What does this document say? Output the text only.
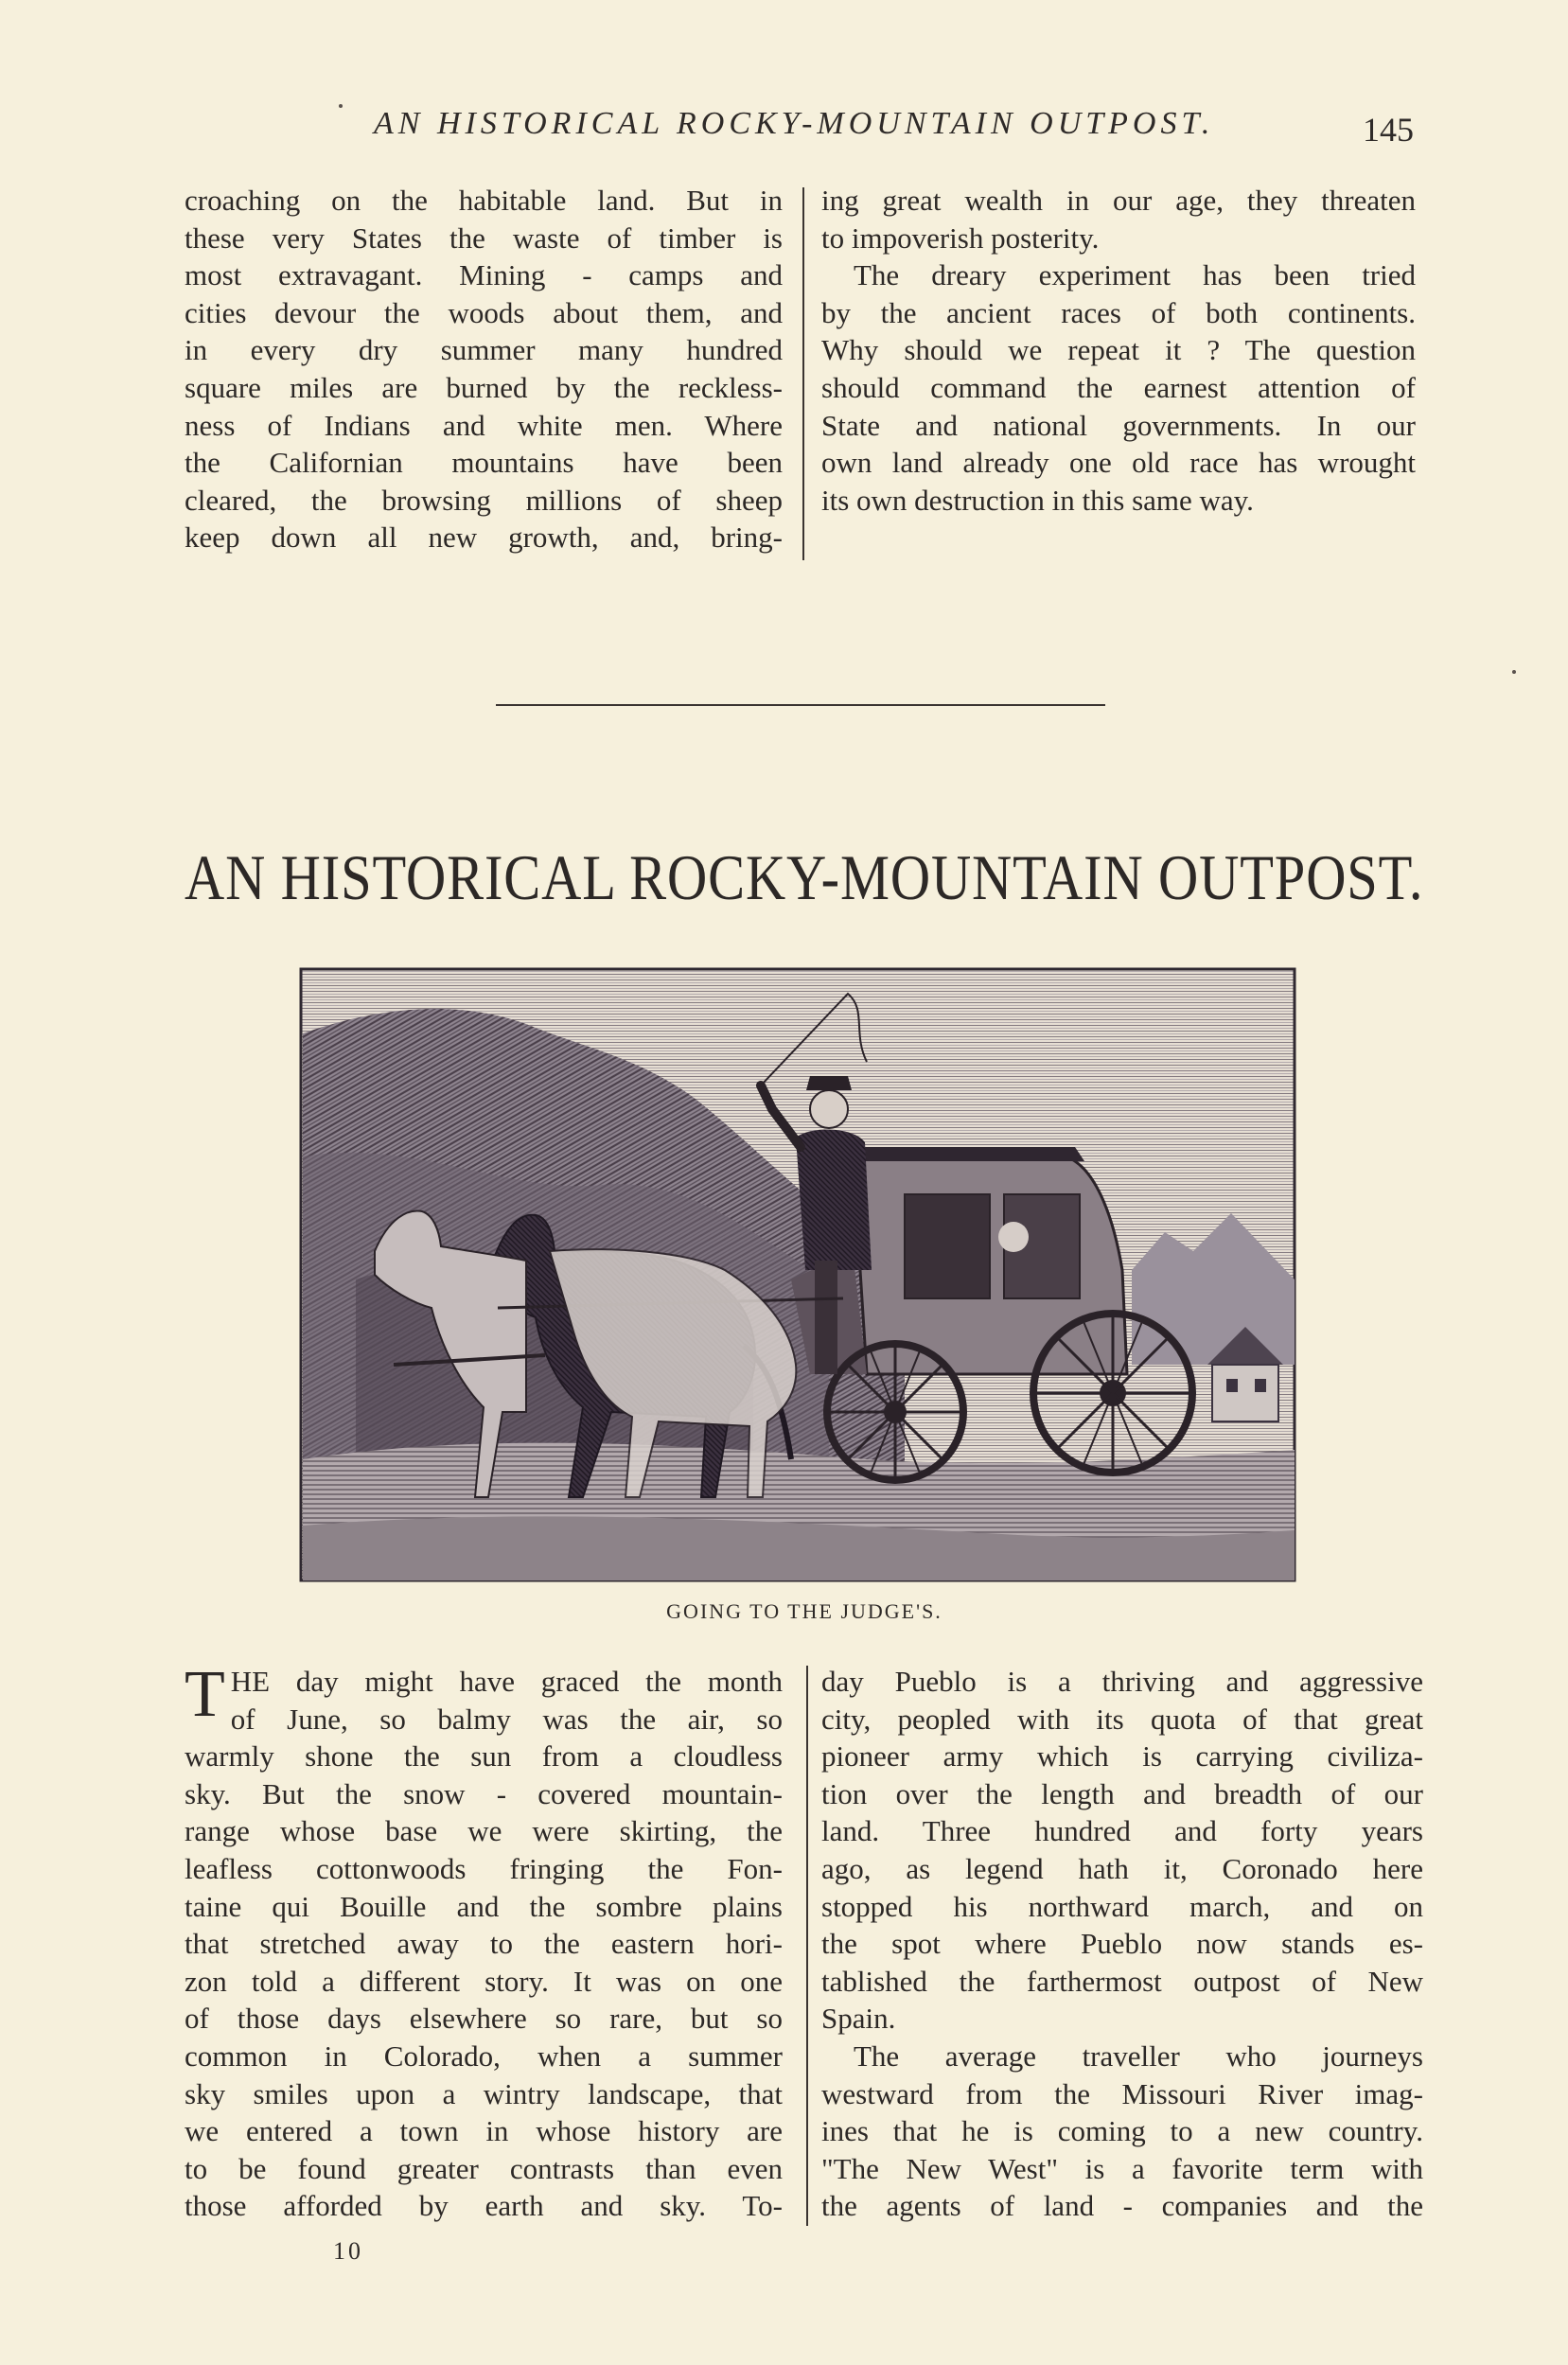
AN HISTORICAL ROCKY-MOUNTAIN OUTPOST.	145
croaching on the habitable land. But in
these very States the waste of timber is
most extravagant. Mining - camps and
cities devour the woods about them, and
in every dry summer many hundred
square miles are burned by the reckless-
ness of Indians and white men. Where
the Californian mountains have been
cleared, the browsing millions of sheep
keep down all new growth, and, bring-
ing great wealth in our age, they threaten
to impoverish posterity.
The dreary experiment has been tried
by the ancient races of both continents.
Why should we repeat it ? The question
should command the earnest attention of
State and national governments. In our
own land already one old race has wrought
its own destruction in this same way.
AN HISTORICAL ROCKY-MOUNTAIN OUTPOST.
GOING TO THE JUDGE'S.
T HE day might have graced the month
of June, so balmy was the air, so
warmly shone the sun from a cloudless
sky. But the snow - covered mountain-
range whose base we were skirting, the
leafless cottonwoods fringing the Fon-
taine qui Bouille and the sombre plains
that stretched away to the eastern hori-
zon told a different story. It was on one
of those days elsewhere so rare, but so
common in Colorado, when a summer
sky smiles upon a wintry landscape, that
we entered a town in whose history are
to be found greater contrasts than even
those afforded by earth and sky. To-
day Pueblo is a thriving and aggressive
city, peopled with its quota of that great
pioneer army which is carrying civiliza-
tion over the length and breadth of our
land. Three hundred and forty years
ago, as legend hath it, Coronado here
stopped his northward march, and on
the spot where Pueblo now stands es-
tablished the farthermost outpost of New
Spain.
The average traveller who journeys
westward from the Missouri River imag-
ines that he is coming to a new country.
"The New West" is a favorite term with
the agents of land - companies and the
10
